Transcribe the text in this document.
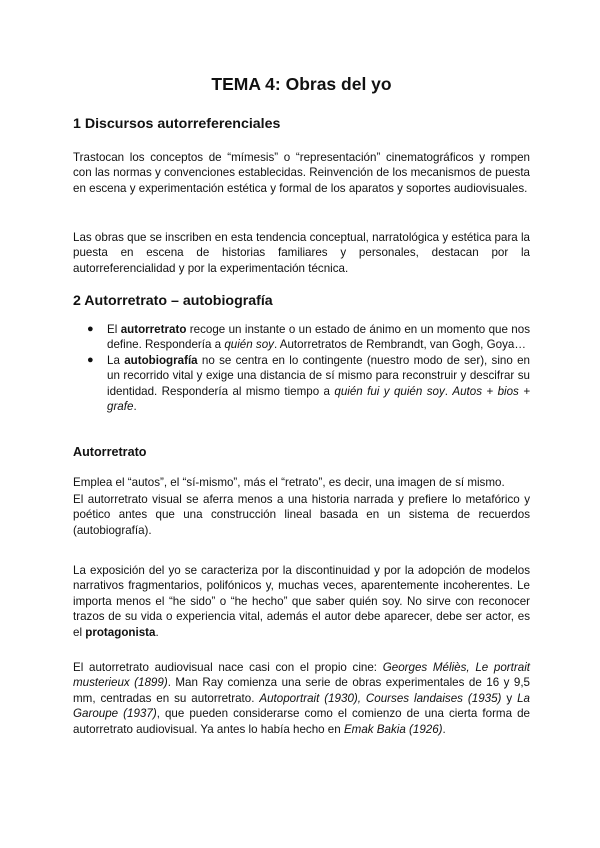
TEMA 4: Obras del yo
1 Discursos autorreferenciales

Trastocan los conceptos de “mímesis” o “representación” cinematográficos y rompen con las normas y convenciones establecidas. Reinvención de los mecanismos de puesta en escena y experimentación estética y formal de los aparatos y soportes audiovisuales.

Las obras que se inscriben en esta tendencia conceptual, narratológica y estética para la puesta en escena de historias familiares y personales, destacan por la autorreferencialidad y por la experimentación técnica.

2 Autorretrato – autobiografía
● El autorretrato recoge un instante o un estado de ánimo en un momento que nos define. Respondería a quién soy. Autorretratos de Rembrandt, van Gogh, Goya…
● La autobiografía no se centra en lo contingente (nuestro modo de ser), sino en un recorrido vital y exige una distancia de sí mismo para reconstruir y descifrar su identidad. Respondería al mismo tiempo a quién fui y quién soy. Autos + bios + grafe.
Autorretrato

Emplea el “autos”, el “sí-mismo”, más el “retrato”, es decir, una imagen de sí mismo.

El autorretrato visual se aferra menos a una historia narrada y prefiere lo metafórico y poético antes que una construcción lineal basada en un sistema de recuerdos (autobiografía).

La exposición del yo se caracteriza por la discontinuidad y por la adopción de modelos narrativos fragmentarios, polifónicos y, muchas veces, aparentemente incoherentes. Le importa menos el “he sido” o “he hecho” que saber quién soy. No sirve con reconocer trazos de su vida o experiencia vital, además el autor debe aparecer, debe ser actor, es el protagonista.

El autorretrato audiovisual nace casi con el propio cine: Georges Méliès, Le portrait musterieux (1899). Man Ray comienza una serie de obras experimentales de 16 y 9,5 mm, centradas en su autorretrato. Autoportrait (1930), Courses landaises (1935) y La Garoupe (1937), que pueden considerarse como el comienzo de una cierta forma de autorretrato audiovisual. Ya antes lo había hecho en Emak Bakia (1926).
